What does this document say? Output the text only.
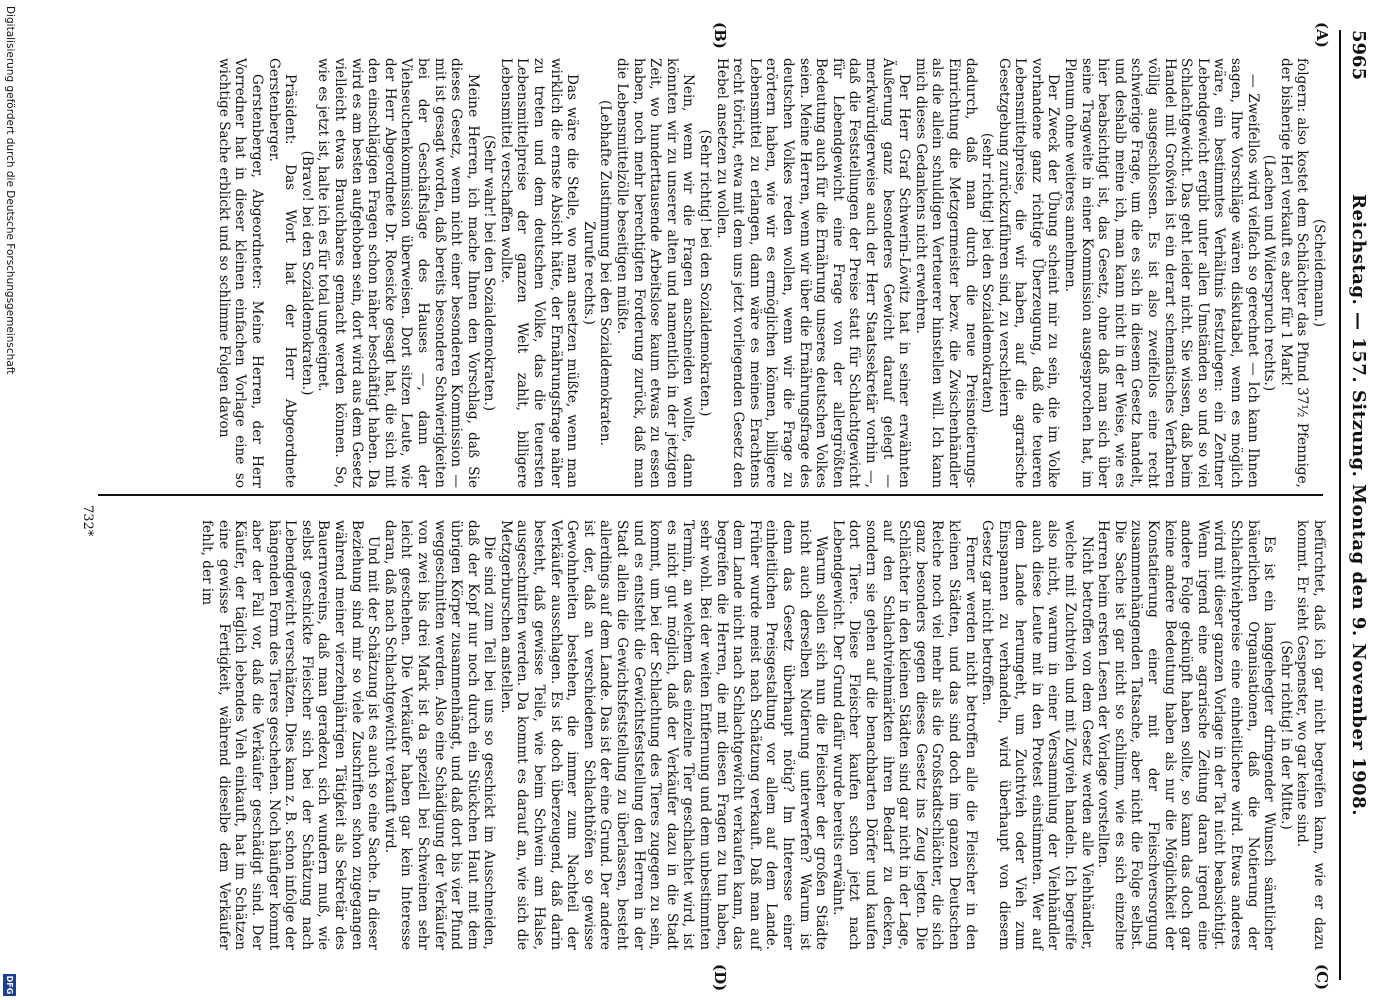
5965
Reichstag. — 157. Sitzung. Montag den 9. November 1908.
(A)
(B)
(C)
(D)

(Scheidemann.)

folgern: also kostet dem Schlächter das Pfund 37½ Pfennige, der bisherige Herl verkauft es aber für 1 Mark!

(Lachen und Widerspruch rechts.)

— Zweifellos wird vielfach so gerechnet — Ich kann Ihnen sagen, Ihre Vorschläge wären diskutabel, wenn es möglich wäre, ein bestimmtes Verhältnis festzulegen: ein Zentner Lebendgewicht ergibt unter allen Umständen so und so viel Schlachtgewicht. Das geht leider nicht. Sie wissen, daß beim Handel mit Großvieh ist ein derart schematisches Verfahren völlig ausgeschlossen. Es ist also zweifellos eine recht schwierige Frage, um die es sich in diesem Gesetz handelt, und deshalb meine ich, man kann nicht in der Weise, wie es hier beabsichtigt ist, das Gesetz, ohne daß man sich über seine Tragweite in einer Kommission ausgesprochen hat, im Plenum ohne weiteres annehmen.

Der Zweck der Übung scheint mir zu sein, die im Volke vorhandene ganz richtige Überzeugung, daß die teueren Lebensmittelpreise, die wir haben, auf die agrarische Gesetzgebung zurückzuführen sind, zu verschleiern

(sehr richtig! bei den Sozialdemokraten)

dadurch, daß man durch die neue Preisnotierungs-Einrichtung die Metzgermeister bezw. die Zwischenhändler als die allein schuldigen Verteuerer hinstellen will. Ich kann mich dieses Gedankens nicht erwehren.

Der Herr Graf Schwerin-Löwitz hat in seiner erwähnten Äußerung ganz besonderes Gewicht darauf gelegt — merkwürdigerweise auch der Herr Staatssekretär vorhin —, daß die Feststellungen der Preise statt für Schlachtgewicht für Lebendgewicht eine Frage von der allergrößten Bedeutung auch für die Ernährung unseres deutschen Volkes seien. Meine Herren, wenn wir über die Ernährungsfrage des deutschen Volkes reden wollen, wenn wir die Frage zu erörtern haben, wie wir es ermöglichen können, billigere Lebensmittel zu erlangen, dann wäre es meines Erachtens recht töricht, etwa mit dem uns jetzt vorliegenden Gesetz den Hebel ansetzen zu wollen.

(Sehr richtig! bei den Sozialdemokraten.)

Nein, wenn wir die Fragen anschneiden wollte, dann könnten wir zu unserer alten und namentlich in der jetzigen Zeit, wo hunderttausende Arbeitslose kaum etwas zu essen haben, noch mehr berechtigten Forderung zurück, daß man die Lebensmittelzölle beseitigen müßte.

(Lebhafte Zustimmung bei den Sozialdemokraten.

Zurufe rechts.)

Das wäre die Stelle, wo man ansetzen müßte, wenn man wirklich die ernste Absicht hätte, der Ernährungsfrage näher zu treten und dem deutschen Volke, das die teuersten Lebensmittelpreise der ganzen Welt zahlt, billigere Lebensmittel verschaffen wollte.

(Sehr wahr! bei den Sozialdemokraten.)

Meine Herren, ich mache Ihnen den Vorschlag, daß Sie dieses Gesetz, wenn nicht einer besonderen Kommission — mit ist gesagt worden, daß bereits besondere Schwierigkeiten bei der Geschäftslage des Hauses —, dann der Viehseuchenkommission überweisen. Dort sitzen Leute, wie der Herr Abgeordnete Dr. Roesicke gesagt hat, die sich mit den einschlägigen Fragen schon näher beschäftigt haben. Da wird es am besten aufgehoben sein, dort wird aus dem Gesetz vielleicht etwas Brauchbares gemacht werden können. So, wie es jetzt ist, halte ich es für total ungeeignet.

(Bravo! bei den Sozialdemokraten.)

Präsident: Das Wort hat der Herr Abgeordnete Gerstenberger.

Gerstenberger, Abgeordneter: Meine Herren, der Herr Vorredner hat in dieser kleinen einfachen Vorlage eine so wichtige Sache erblickt und so schlimme Folgen davon

befürchtet, daß ich gar nicht begreifen kann, wie er dazu kommt. Er sieht Gespenster, wo gar keine sind.

(Sehr richtig! in der Mitte.)

Es ist ein langgehegter dringender Wunsch sämtlicher bäuerlichen Organisationen, daß die Notierung der Schlachtviehpreise eine einheitlichere wird. Etwas anderes wird mit dieser ganzen Vorlage in der Tat nicht beabsichtigt. Wenn irgend eine agrarische Zeitung daran irgend eine andere Folge geknüpft haben sollte, so kann das doch gar keine andere Bedeutung haben als nur die Möglichkeit der Konstatierung einer mit der Fleischversorgung zusammenhängenden Tatsache, aber nicht die Folge selbst. Die Sache ist gar nicht so schlimm, wie es sich einzelne Herren beim ersten Lesen der Vorlage vorstellten.

Nicht betroffen von dem Gesetz werden alle Viehhändler, welche mit Zuchtvieh und mit Zugvieh handeln. Ich begreife also nicht, warum in einer Versammlung der Viehhändler auch diese Leute mit in den Protest einstimmten. Wer auf dem Lande herumgeht, um Zuchtvieh oder Vieh zum Einspannen zu verhandeln, wird überhaupt von diesem Gesetz gar nicht betroffen.

Ferner werden nicht betroffen alle die Fleischer in den kleinen Städten, und das sind doch im ganzen Deutschen Reiche noch viel mehr als die Großstadtschlächter, die sich ganz besonders gegen dieses Gesetz ins Zeug legten. Die Schlächter in den kleinen Städten sind gar nicht in der Lage, auf den Schlachtviehmärkten ihren Bedarf zu decken, sondern sie gehen auf die benachbarten Dörfer und kaufen dort Tiere. Diese Fleischer kaufen schon jetzt nach Lebendgewicht. Der Grund dafür wurde bereits erwähnt.

Warum sollen sich nun die Fleischer der großen Städte nicht auch derselben Notierung unterwerfen? Warum ist denn das Gesetz überhaupt nötig? Im Interesse einer einheitlichen Preisgestaltung vor allem auf dem Lande. Früher wurde meist nach Schätzung verkauft. Daß man auf dem Lande nicht nach Schlachtgewicht verkaufen kann, das begreifen die Herren, die mit diesen Fragen zu tun haben, sehr wohl. Bei der weiten Entfernung und dem unbestimmten Termin, an welchem das einzelne Tier geschlachtet wird, ist es nicht gut möglich, daß der Verkäufer dazu in die Stadt kommt, um bei der Schlachtung des Tieres zugegen zu sein, und es entsteht die Gewichtsfeststellung den Herren in der Stadt allein die Gewichtsfeststellung zu überlassen, besteht allerdings auf dem Lande. Das ist der eine Grund. Der andere ist der, daß an verschiedenen Schlachthöfen so gewisse Gewohnheiten bestehen, die immer zum Nachteil der Verkäufer ausschlagen. Es ist doch überzeugend, daß darin besteht, daß gewisse Teile, wie beim Schwein am Halse, ausgeschnitten werden. Da kommt es darauf an, wie sich die Metzgerburschen anstellen.

Die sind zum Teil bei uns so geschickt im Ausschneiden, daß der Kopf nur noch durch ein Stückchen Haut mit dem übrigen Körper zusammenhängt, und daß dort bis vier Pfund weggeschnitten werden. Also eine Schädigung der Verkäufer von zwei bis drei Mark ist da speziell bei Schweinen sehr leicht geschehen. Die Verkäufer haben gar kein Interesse daran, daß nach Schlachtgewicht verkauft wird.

Und mit der Schätzung ist es auch so eine Sache. In dieser Beziehung sind mir so viele Zuschriften schon zugegangen während meiner vierzehnjährigen Tätigkeit als Sekretär des Bauernvereins, daß man geradezu sich wundern muß, wie selbst geschickte Fleischer sich bei der Schätzung nach Lebendgewicht verschätzen. Dies kann z. B. schon infolge der hängenden Form des Tieres geschehen. Noch häufiger kommt aber der Fall vor, daß die Verkäufer geschädigt sind. Der Käufer, der täglich lebendes Vieh einkauft, hat im Schätzen eine gewisse Fertigkeit, während dieselbe dem Verkäufer fehlt, der im

732*
Digitalisierung gefördert durch die Deutsche Forschungsgemeinschaft
DFG
